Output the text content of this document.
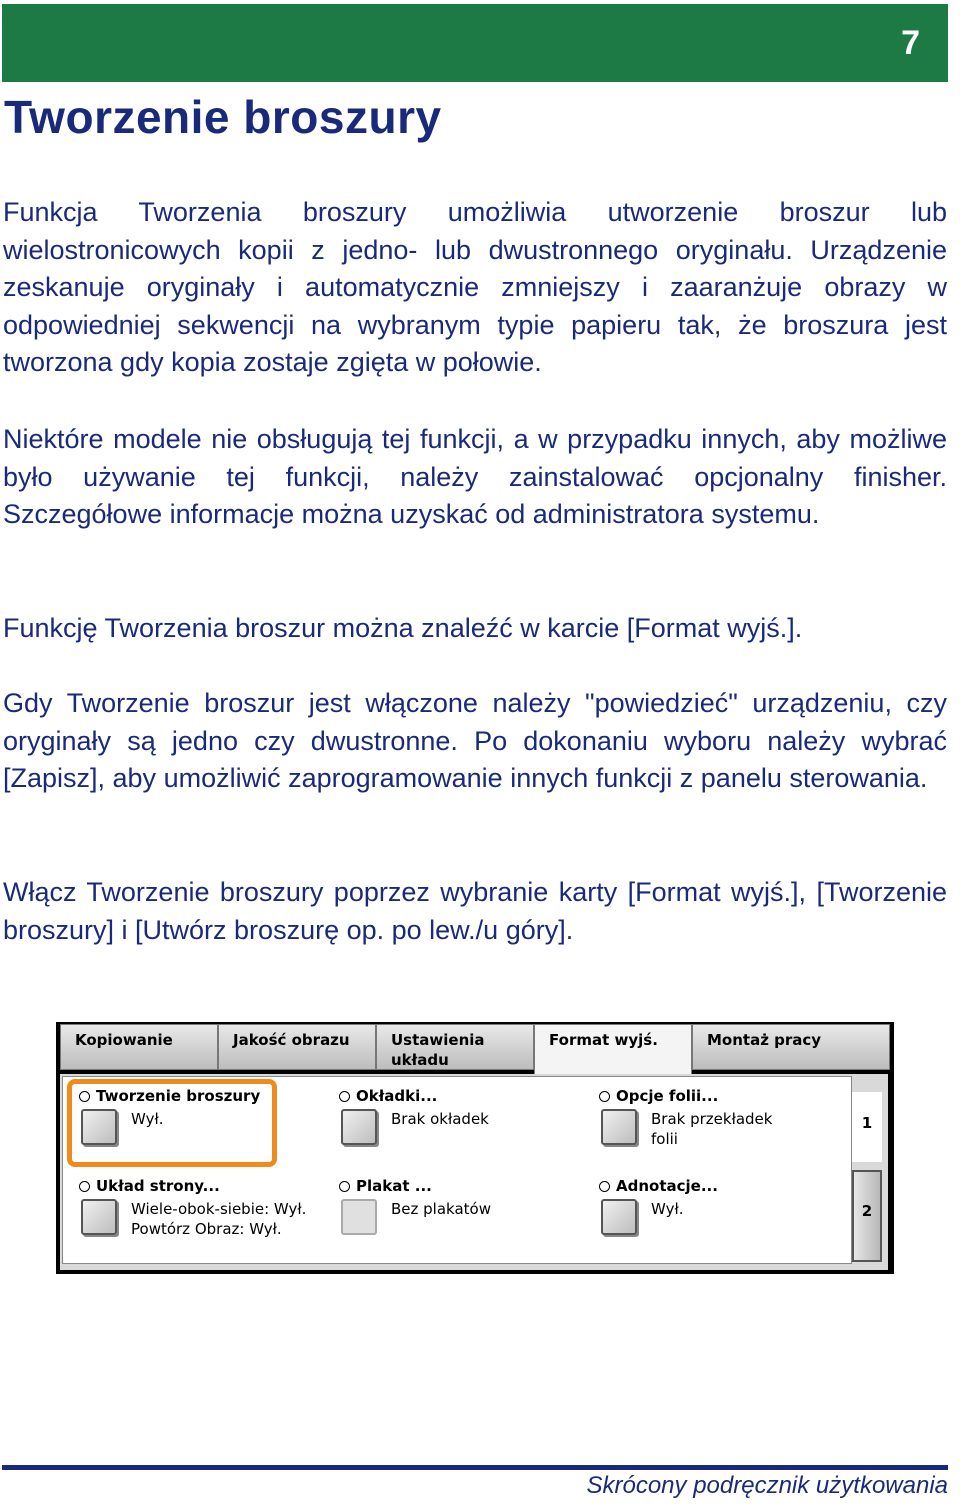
7
Tworzenie broszury

Funkcja Tworzenia broszury umożliwia utworzenie broszur lub wielostronicowych kopii z jedno- lub dwustronnego oryginału. Urządzenie zeskanuje oryginały i automatycznie zmniejszy i zaaranżuje obrazy w odpowiedniej sekwencji na wybranym typie papieru tak, że broszura jest tworzona gdy kopia zostaje zgięta w połowie.

Niektóre modele nie obsługują tej funkcji, a w przypadku innych, aby możliwe było używanie tej funkcji, należy zainstalować opcjonalny finisher. Szczegółowe informacje można uzyskać od administratora systemu.

Funkcję Tworzenia broszur można znaleźć w karcie [Format wyjś.].

Gdy Tworzenie broszur jest włączone należy "powiedzieć" urządzeniu, czy oryginały są jedno czy dwustronne. Po dokonaniu wyboru należy wybrać [Zapisz], aby umożliwić zaprogramowanie innych funkcji z panelu sterowania.

Włącz Tworzenie broszury poprzez wybranie karty [Format wyjś.], [Tworzenie broszury] i [Utwórz broszurę op. po lew./u góry].

Kopiowanie	Jakość obrazu	Ustawienia
układu
Format wyjś.	Montaż pracy
Tworzenie broszury
Wył.
Okładki...
Brak okładek
Opcje folii...
Brak przekładek
folii
Układ strony...
Wiele-obok-siebie: Wył.
Powtórz Obraz: Wył.
Plakat ...
Bez plakatów
Adnotacje...
Wył.
1
2
Skrócony podręcznik użytkowania
